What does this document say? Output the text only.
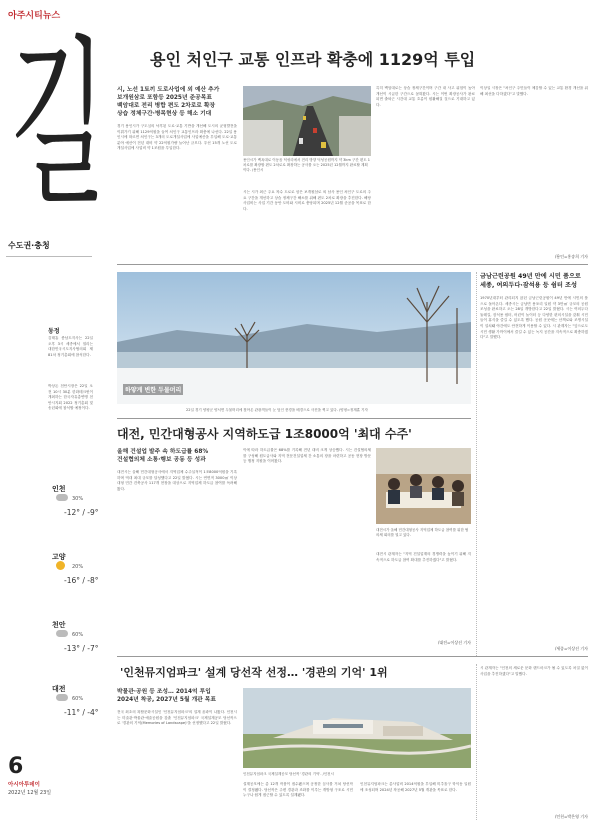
아주시티뉴스
길
수도권·충청
동정
김태흠 충남도지사는 22일 오후 3시 세종에서 열리는 대한민국시도지사협의회 제81차 정기총회에 참석한다.
박상돈 천안시장은 22일 오전 10시 30분 한화테크윈이 개최하는 한국자유총연맹 천안시지회 2022 정기총회 및 송년회에 참석할 예정이다.
인천
30%
-12° / -9°
고양
20%
-16° / -8°
천안
60%
-13° / -7°
대전
60%
-11° / -4°
6
아시아투데이
2022년 12월 23일
용인 처인구 교통 인프라 확충에 1129억 투입
시, 노선 1토끼 도로사업에 외 예산 추가
보개원삼로 포함등 2025년 준공목표
백암대로 전리 병합 편도 2차로로 확장
상습 정체구간·병목현상 등 해소 기대
경기 용인시가 구도심의 낙후된 도로·교통 기반을 개선해 도시의 균형발전을 이뤄가기 위해 1129억원을 들여 처인구 교통인프라 확충에 나선다. 22일 용인시에 따르면 처인구는 3개의 도로개설사업에 사업예산을 투입해 도로·교통 분야 예산이 전년 대비 약 22억원가량 늘어난 규모다. 우선 15개 노선 도로 개설사업에 사업비 약 1조원을 투입한다.
용인시가 백옥대로 이동읍 덕성리에서 전리 방향 덕성공원까지 약 3km 구간 편도 1차로를 확장할 편도 2차로로 확장하는 공사를 오는 2025년 12월까지 완료할 계획이다. /용인시
시는 시가 최근 주요 착수 도로로 삼은 보개원삼로 외 남사 용인 처인구 도로의 주요 구간을 개선하고 상습 정체구간 해소를 위해 편도 2차로 확장을 추진한다. 해당 사업비는 사업 기간 동안 도비와 시비로 충당되며 2025년 12월 준공을 목표로 한다.
특히 백암대로는 상습 정체구간이며 구간 내 사고 위험이 높아 개선이 시급한 구간으로 꼽혀왔다. 시는 이번 확장공사가 완료되면 출퇴근 시간대 교통 흐름이 원활해질 것으로 기대하고 있다.
이상일 시장은 "처인구 주민들이 체감할 수 있는 교통 환경 개선을 위해 최선을 다하겠다"고 말했다.
/용인=홍송희 기자
하얗게 변한 두물머리
22일 경기 양평군 양서면 두물머리에 찾아온 관광객들이 눈 덮인 풍경을 배경으로 사진을 찍고 있다. /양평=정재훈 기자
금남근린공원 49년 만에 시민 품으로 세종, 여의두다·잠석용 등 쉼터 조성
1970년대부터 관리되지 않던 금남근린공원이 49년 만에 시민의 품으로 돌아온다. 세종시는 금남면 용포리 일원 약 3만㎡ 규모의 공원 조성을 완료하고 오는 28일 개방한다고 22일 밝혔다. 시는 여의두다 둘레길, 잠석용 쉼터, 어린이 놀이터 등 다양한 편의시설을 갖춰 시민들이 휴식을 즐길 수 있도록 했다. 공원 곳곳에는 산책로와 조명시설이 설치돼 야간에도 안전하게 이용할 수 있다. 시 관계자는 "앞으로도 시민 생활 가까이에서 즐길 수 있는 녹지 공간을 지속적으로 확충하겠다"고 말했다.
/세종=이상선 기자
대전, 민간대형공사 지역하도급 1조8000억 '최대 수주'
올해 건설업 발주 속 하도급률 68%
건설협의체 소통·행보 공동 등 성과
대전시는 올해 민간대형공사에서 지역업체 수주실적이 1조8000억원을 기록하며 역대 최대 규모를 달성했다고 22일 밝혔다. 시는 연면적 3000㎡ 이상 대형 민간 건축공사 117개 현장을 대상으로 지역업체 하도급 참여를 독려해왔다.
이에 따라 하도급률은 68%를 기록해 전년 대비 크게 상승했다. 시는 건설협의체를 구성해 원도급사와 지역 전문건설업체 간 소통의 장을 마련하고 공동 현장 방문 등 행정 지원을 이어왔다.
대전시가 올해 민간대형공사 지역업체 하도급 참여를 위한 협의체 회의를 열고 있다.
대전시 관계자는 "지역 건설업계의 경쟁력을 높이기 위해 지속적으로 하도급 참여 확대를 추진하겠다"고 밝혔다.
/대전=이상선 기자
'인천뮤지엄파크' 설계 당선작 선정… '경관의 기억' 1위
박물관·공원 등 조성… 2014억 투입
2024년 착공, 2027년 5월 개관 목표
전국 최초의 복합문화시설인 '인천뮤지엄파크'의 설계 윤곽이 나왔다. 인천시는 미술관·박물관·예술공원을 갖춘 '인천뮤지엄파크' 국제설계공모 당선작으로 '경관의 기억(Memories of Landscape)'을 선정했다고 22일 밝혔다.
인천뮤지엄파크 국제설계공모 당선작 '경관의 기억'. /인천시
설계공모에는 총 12개 작품이 접수됐으며 공정한 심사를 거쳐 당선작이 결정됐다. 당선작은 주변 경관과 조화를 이루는 개방형 구조로 시민 누구나 쉽게 접근할 수 있도록 설계됐다.
인천뮤지엄파크는 총사업비 2014억원을 투입해 미추홀구 학익동 일원에 조성되며 2024년 착공해 2027년 5월 개관을 목표로 한다.
시 관계자는 "인천의 새로운 문화 랜드마크가 될 수 있도록 차질 없이 사업을 추진하겠다"고 말했다.
/인천=박은영 기자
